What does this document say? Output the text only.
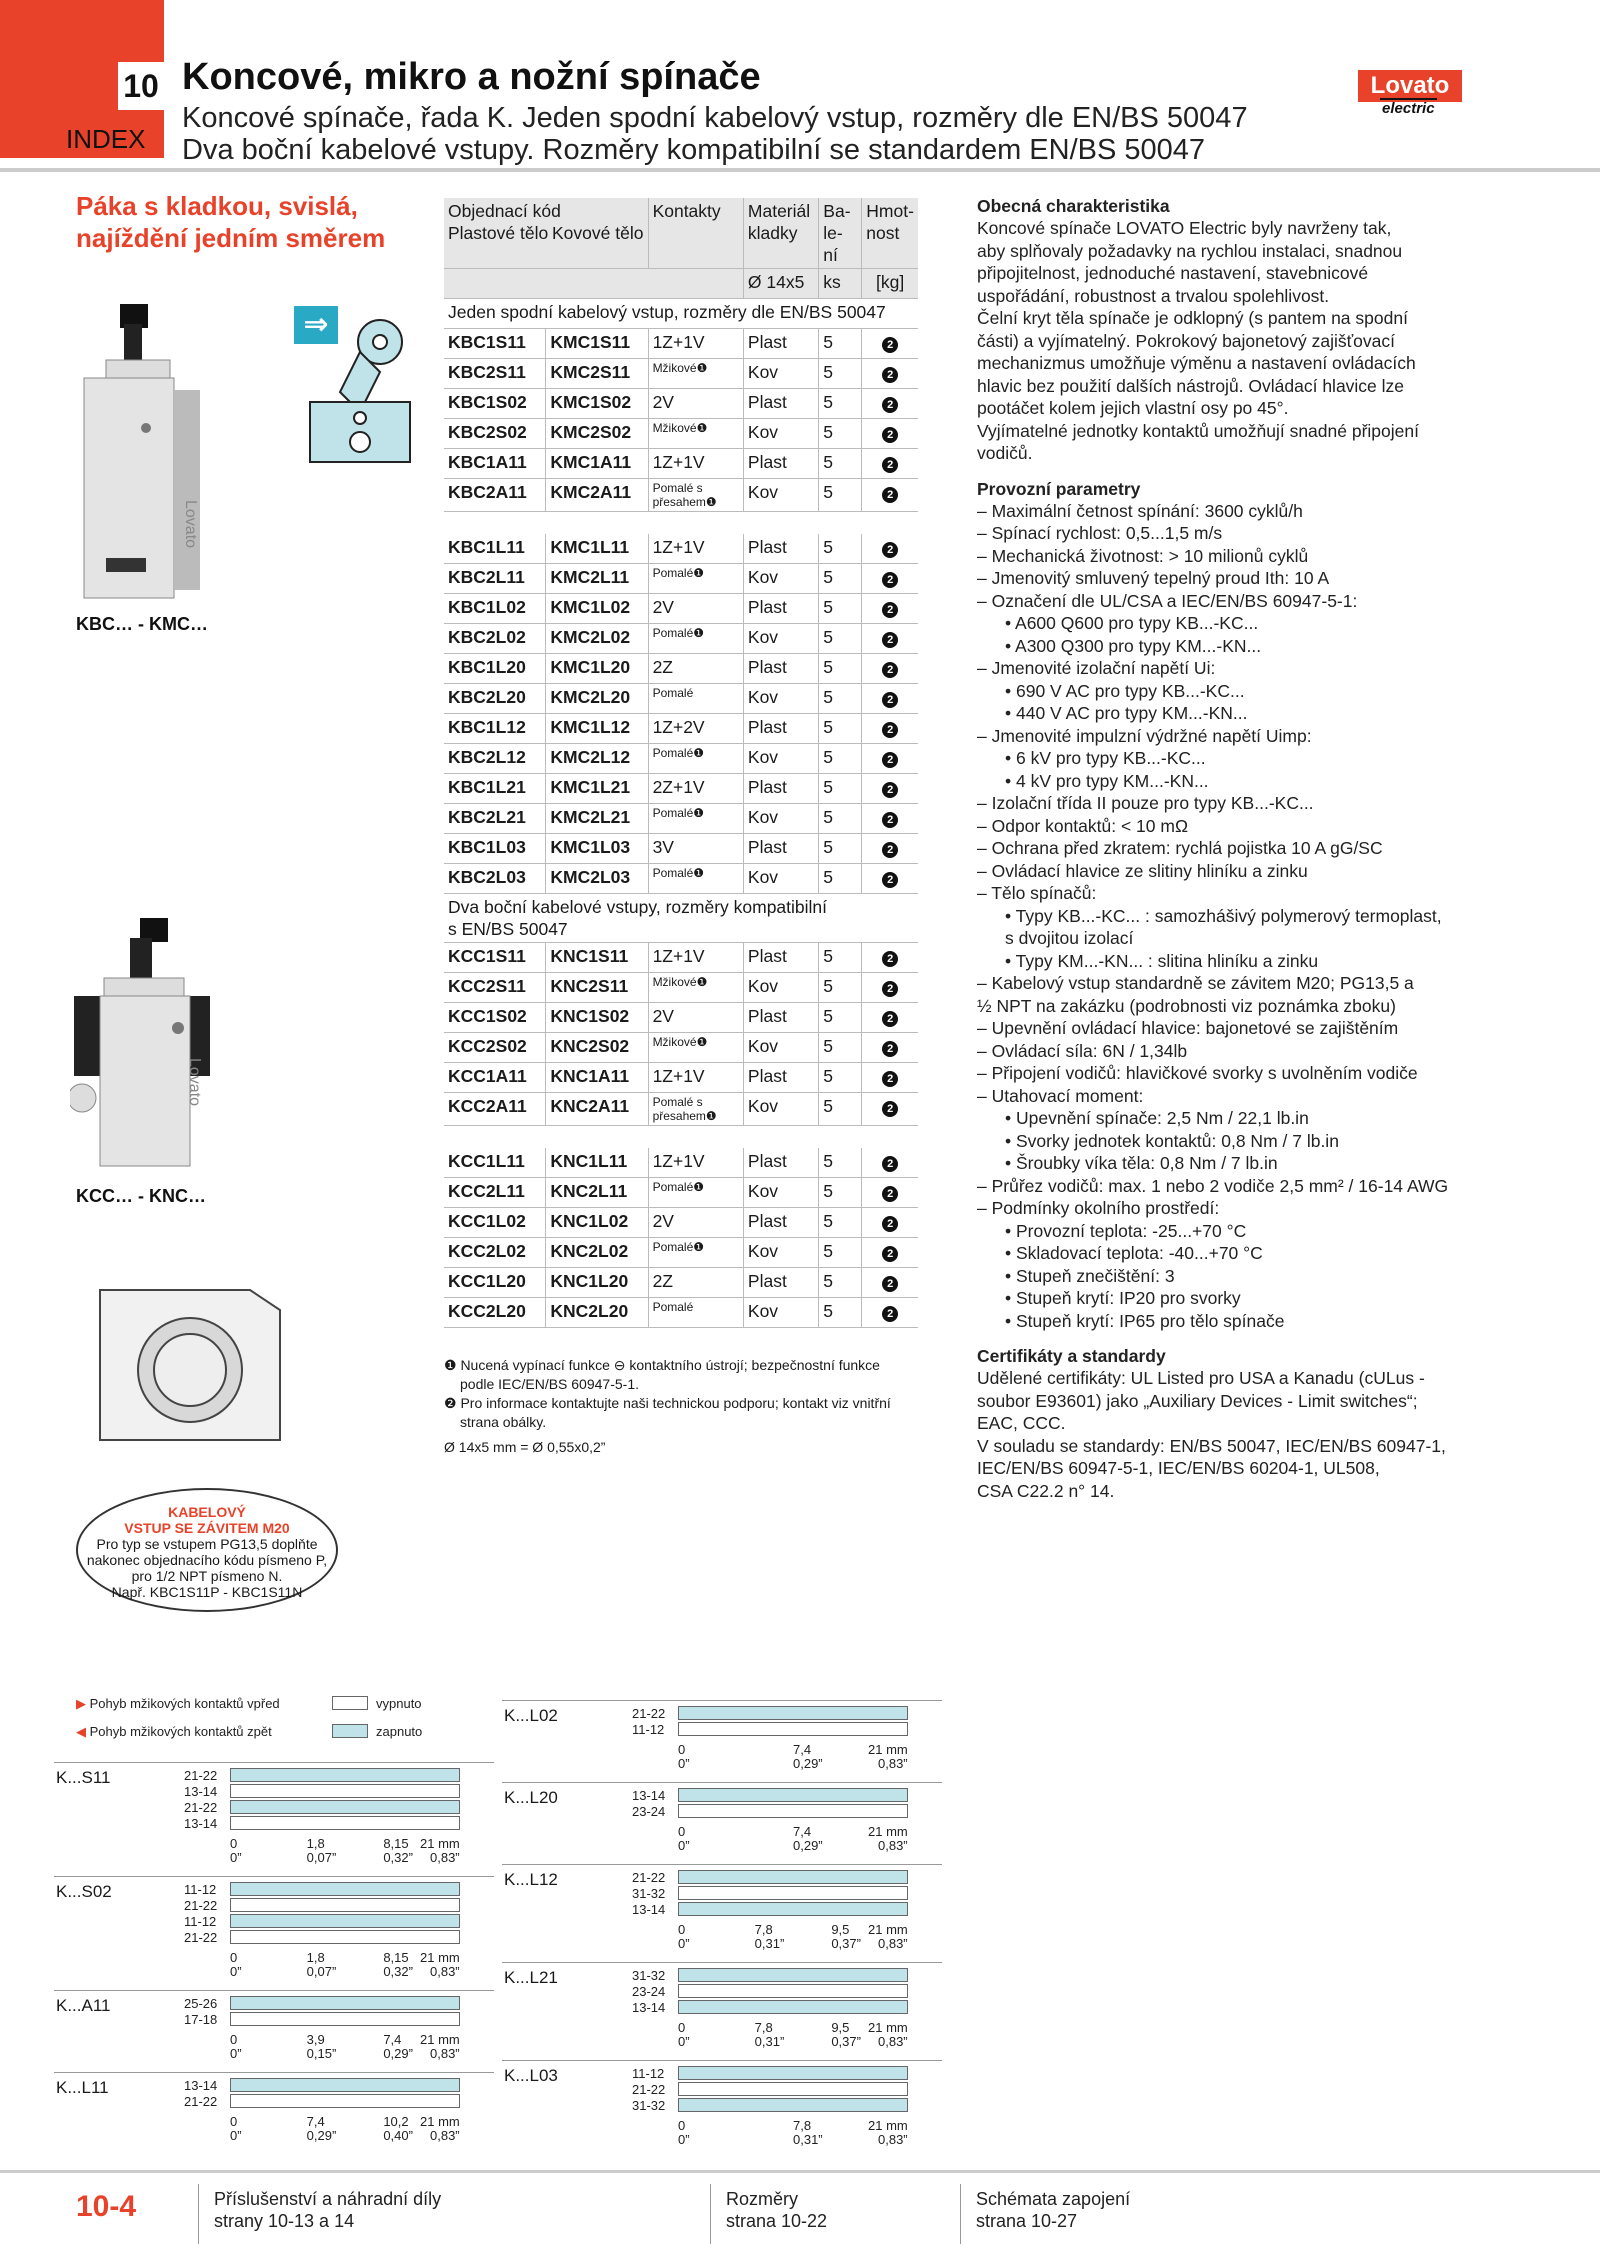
10
INDEX
Koncové, mikro a nožní spínače
Koncové spínače, řada K. Jeden spodní kabelový vstup, rozměry dle EN/BS 50047
Dva boční kabelové vstupy. Rozměry kompatibilní se standardem EN/BS 50047
Lovato
electric
Páka s kladkou, svislá,
najíždění jedním směrem
Lovato
KBC… - KMC…
⇒
Lovato
KCC… - KNC…
KABELOVÝ
VSTUP SE ZÁVITEM M20
Pro typ se vstupem PG13,5 doplňte
nakonec objednacího kódu písmeno P,
pro 1/2 NPT písmeno N.
Např. KBC1S11P - KBC1S11N
Objednací kód
Plastové tělo Kovové tělo		Kontakty	Materiál kladky	Ba-le-ní	Hmot-nost
			Ø 14x5	ks	[kg]
Jeden spodní kabelový vstup, rozměry dle EN/BS 50047					
KBC1S11	KMC1S11	1Z+1V	Plast	5	2
KBC2S11	KMC2S11	Mžikové❶	Kov	5	2
KBC1S02	KMC1S02	2V	Plast	5	2
KBC2S02	KMC2S02	Mžikové❶	Kov	5	2
KBC1A11	KMC1A11	1Z+1V	Plast	5	2
KBC2A11	KMC2A11	Pomalé s přesahem❶	Kov	5	2

KBC1L11	KMC1L11	1Z+1V	Plast	5	2
KBC2L11	KMC2L11	Pomalé❶	Kov	5	2
KBC1L02	KMC1L02	2V	Plast	5	2
KBC2L02	KMC2L02	Pomalé❶	Kov	5	2
KBC1L20	KMC1L20	2Z	Plast	5	2
KBC2L20	KMC2L20	Pomalé	Kov	5	2
KBC1L12	KMC1L12	1Z+2V	Plast	5	2
KBC2L12	KMC2L12	Pomalé❶	Kov	5	2
KBC1L21	KMC1L21	2Z+1V	Plast	5	2
KBC2L21	KMC2L21	Pomalé❶	Kov	5	2
KBC1L03	KMC1L03	3V	Plast	5	2
KBC2L03	KMC2L03	Pomalé❶	Kov	5	2

Dva boční kabelové vstupy, rozměry kompatibilní
s EN/BS 50047					

KCC1S11	KNC1S11	1Z+1V	Plast	5	2
KCC2S11	KNC2S11	Mžikové❶	Kov	5	2
KCC1S02	KNC1S02	2V	Plast	5	2
KCC2S02	KNC2S02	Mžikové❶	Kov	5	2
KCC1A11	KNC1A11	1Z+1V	Plast	5	2
KCC2A11	KNC2A11	Pomalé s přesahem❶	Kov	5	2

KCC1L11	KNC1L11	1Z+1V	Plast	5	2
KCC2L11	KNC2L11	Pomalé❶	Kov	5	2
KCC1L02	KNC1L02	2V	Plast	5	2
KCC2L02	KNC2L02	Pomalé❶	Kov	5	2
KCC1L20	KNC1L20	2Z	Plast	5	2
KCC2L20	KNC2L20	Pomalé	Kov	5	2
❶ Nucená vypínací funkce ⊖ kontaktního ústrojí; bezpečnostní funkce
podle IEC/EN/BS 60947-5-1.
❷ Pro informace kontaktujte naši technickou podporu; kontakt viz vnitřní
strana obálky.
Ø 14x5 mm = Ø 0,55x0,2”
Obecná charakteristika
Koncové spínače LOVATO Electric byly navrženy tak,
aby splňovaly požadavky na rychlou instalaci, snadnou
připojitelnost, jednoduché nastavení, stavebnicové
uspořádání, robustnost a trvalou spolehlivost.
Čelní kryt těla spínače je odklopný (s pantem na spodní
části) a vyjímatelný. Pokrokový bajonetový zajišťovací
mechanizmus umožňuje výměnu a nastavení ovládacích
hlavic bez použití dalších nástrojů. Ovládací hlavice lze
pootáčet kolem jejich vlastní osy po 45°.
Vyjímatelné jednotky kontaktů umožňují snadné připojení
vodičů.
Provozní parametry
– Maximální četnost spínání: 3600 cyklů/h
– Spínací rychlost: 0,5...1,5 m/s
– Mechanická životnost: > 10 milionů cyklů
– Jmenovitý smluvený tepelný proud Ith: 10 A
– Označení dle UL/CSA a IEC/EN/BS 60947-5-1:
• A600 Q600 pro typy KB...-KC...
• A300 Q300 pro typy KM...-KN...
– Jmenovité izolační napětí Ui:
• 690 V AC pro typy KB...-KC...
• 440 V AC pro typy KM...-KN...
– Jmenovité impulzní výdržné napětí Uimp:
• 6 kV pro typy KB...-KC...
• 4 kV pro typy KM...-KN...
– Izolační třída II pouze pro typy KB...-KC...
– Odpor kontaktů: < 10 mΩ
– Ochrana před zkratem: rychlá pojistka 10 A gG/SC
– Ovládací hlavice ze slitiny hliníku a zinku
– Tělo spínačů:
• Typy KB...-KC... : samozhášivý polymerový termoplast,
s dvojitou izolací
• Typy KM...-KN... : slitina hliníku a zinku
– Kabelový vstup standardně se závitem M20; PG13,5 a
½ NPT na zakázku (podrobnosti viz poznámka zboku)
– Upevnění ovládací hlavice: bajonetové se zajištěním
– Ovládací síla: 6N / 1,34lb
– Připojení vodičů: hlavičkové svorky s uvolněním vodiče
– Utahovací moment:
• Upevnění spínače: 2,5 Nm / 22,1 lb.in
• Svorky jednotek kontaktů: 0,8 Nm / 7 lb.in
• Šroubky víka těla: 0,8 Nm / 7 lb.in
– Průřez vodičů: max. 1 nebo 2 vodiče 2,5 mm² / 16-14 AWG
– Podmínky okolního prostředí:
• Provozní teplota: -25...+70 °C
• Skladovací teplota: -40...+70 °C
• Stupeň znečištění: 3
• Stupeň krytí: IP20 pro svorky
• Stupeň krytí: IP65 pro tělo spínače
Certifikáty a standardy
Udělené certifikáty: UL Listed pro USA a Kanadu (cULus -
soubor E93601) jako „Auxiliary Devices - Limit switches“;
EAC, CCC.
V souladu se standardy: EN/BS 50047, IEC/EN/BS 60947-1,
IEC/EN/BS 60947-5-1, IEC/EN/BS 60204-1, UL508,
CSA C22.2 n° 14.
▶ Pohyb mžikových kontaktů vpřed
◀ Pohyb mžikových kontaktů zpět
vypnuto
zapnuto
K...S11	21-22
13-14
21-22
13-14
0
0”
1,8
0,07”
8,15
0,32”
21 mm
0,83”
K...S02	11-12
21-22
11-12
21-22
0
0”
1,8
0,07”
8,15
0,32”
21 mm
0,83”
K...A11	25-26
17-18
0
0”
3,9
0,15”
7,4
0,29”
21 mm
0,83”
K...L11	13-14
21-22
0
0”
7,4
0,29”
10,2
0,40”
21 mm
0,83”
K...L02	21-22
11-12
0
0”
7,4
0,29”
21 mm
0,83”
K...L20	13-14
23-24
0
0”
7,4
0,29”
21 mm
0,83”
K...L12	21-22
31-32
13-14
0
0”
7,8
0,31”
9,5
0,37”
21 mm
0,83”
K...L21	31-32
23-24
13-14
0
0”
7,8
0,31”
9,5
0,37”
21 mm
0,83”
K...L03	11-12
21-22
31-32
0
0”
7,8
0,31”
21 mm
0,83”
10-4	Příslušenství a náhradní díly
strany 10-13 a 14
Rozměry
strana 10-22
Schémata zapojení
strana 10-27
